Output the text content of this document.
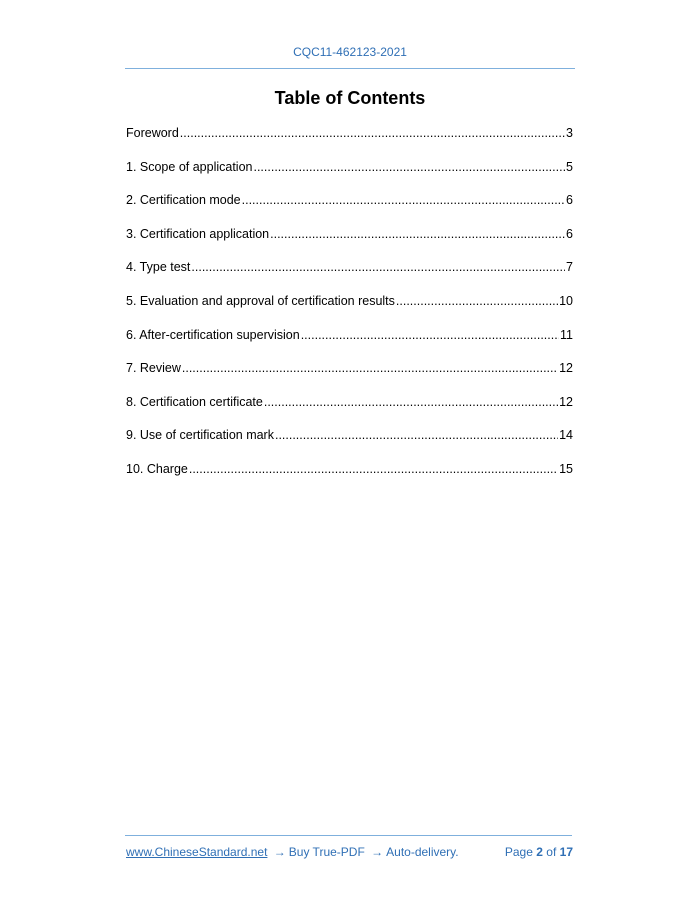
CQC11-462123-2021
Table of Contents
Foreword .....	3
1. Scope of application .....	5
2. Certification mode .....	6
3. Certification application .....	6
4. Type test .....	7
5. Evaluation and approval of certification results .....	10
6. After-certification supervision .....	11
7. Review .....	12
8. Certification certificate .....	12
9. Use of certification mark .....	14
10. Charge .....	15
www.ChineseStandard.net → Buy True-PDF → Auto-delivery.	Page 2 of 17
